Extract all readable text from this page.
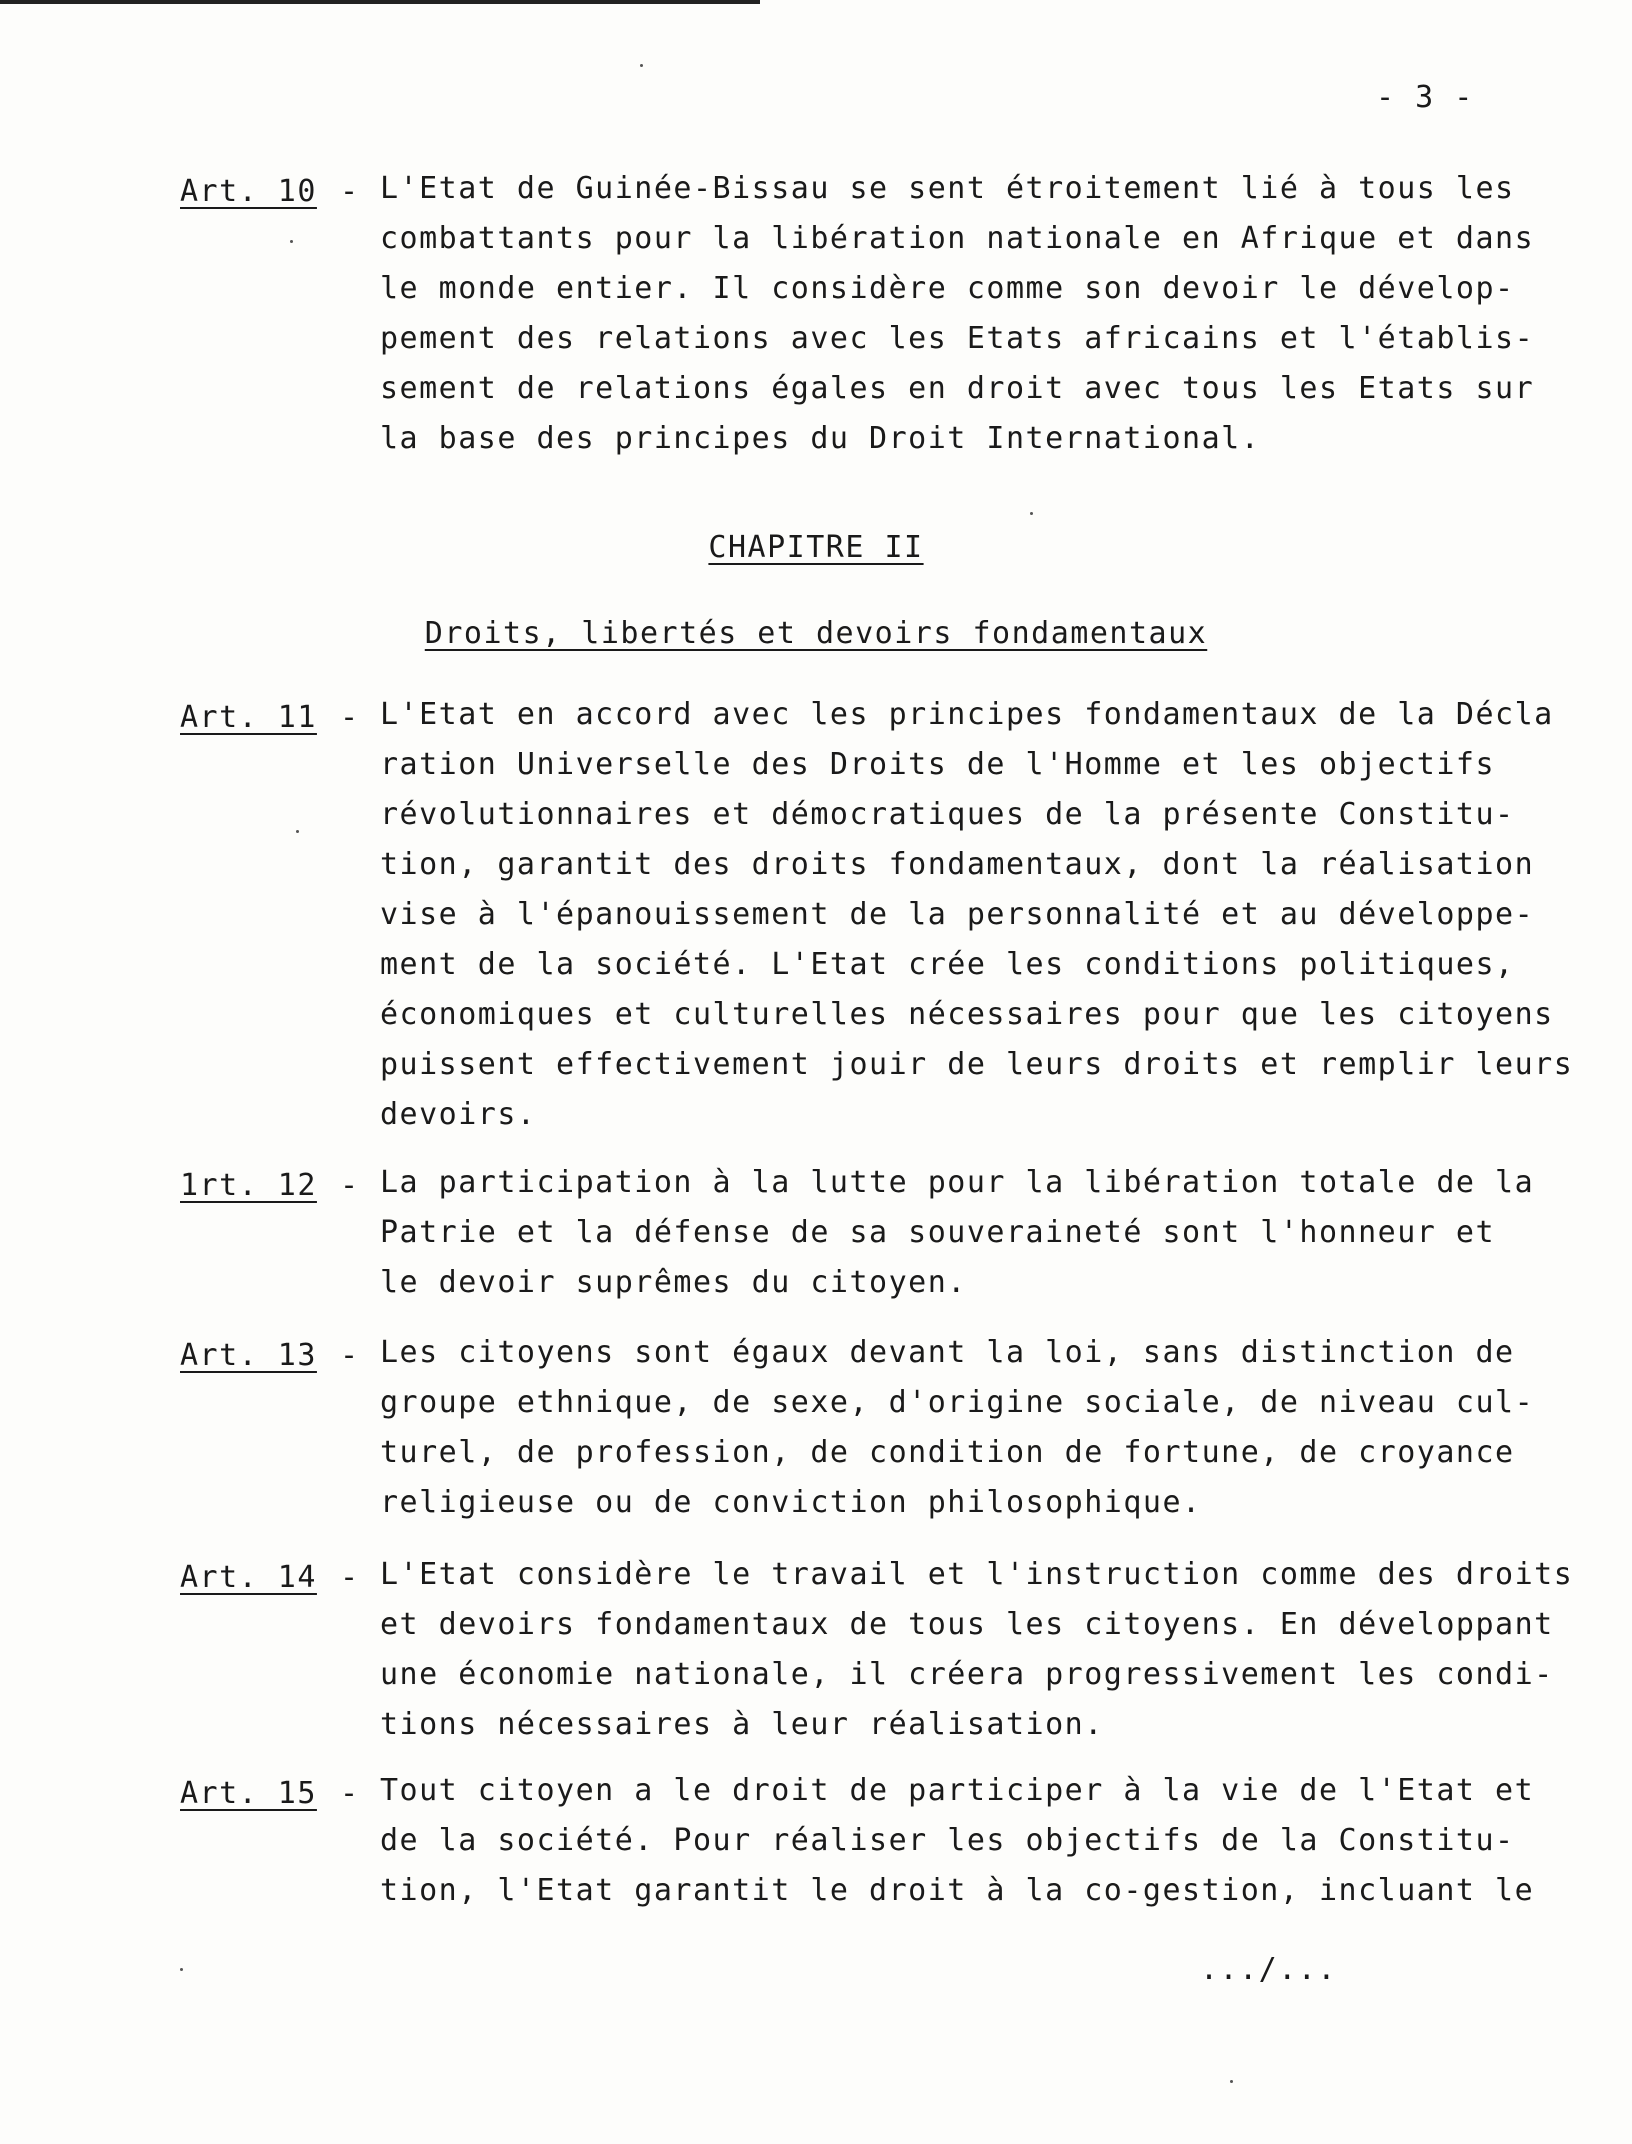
- 3 -
Art. 10 - L'Etat de Guinée-Bissau se sent étroitement lié à tous les
combattants pour la libération nationale en Afrique et dans
le monde entier. Il considère comme son devoir le dévelop-
pement des relations avec les Etats africains et l'établis-
sement de relations égales en droit avec tous les Etats sur
la base des principes du Droit International.
CHAPITRE II
Droits, libertés et devoirs fondamentaux
Art. 11 - L'Etat en accord avec les principes fondamentaux de la Décla
ration Universelle des Droits de l'Homme et les objectifs
révolutionnaires et démocratiques de la présente Constitu-
tion, garantit des droits fondamentaux, dont la réalisation
vise à l'épanouissement de la personnalité et au développe-
ment de la société. L'Etat crée les conditions politiques,
économiques et culturelles nécessaires pour que les citoyens
puissent effectivement jouir de leurs droits et remplir leurs
devoirs.
1rt. 12 - La participation à la lutte pour la libération totale de la
Patrie et la défense de sa souveraineté sont l'honneur et
le devoir suprêmes du citoyen.
Art. 13 - Les citoyens sont égaux devant la loi, sans distinction de
groupe ethnique, de sexe, d'origine sociale, de niveau cul-
turel, de profession, de condition de fortune, de croyance
religieuse ou de conviction philosophique.
Art. 14 - L'Etat considère le travail et l'instruction comme des droits
et devoirs fondamentaux de tous les citoyens. En développant
une économie nationale, il créera progressivement les condi-
tions nécessaires à leur réalisation.
Art. 15 - Tout citoyen a le droit de participer à la vie de l'Etat et
de la société. Pour réaliser les objectifs de la Constitu-
tion, l'Etat garantit le droit à la co-gestion, incluant le
.../...
